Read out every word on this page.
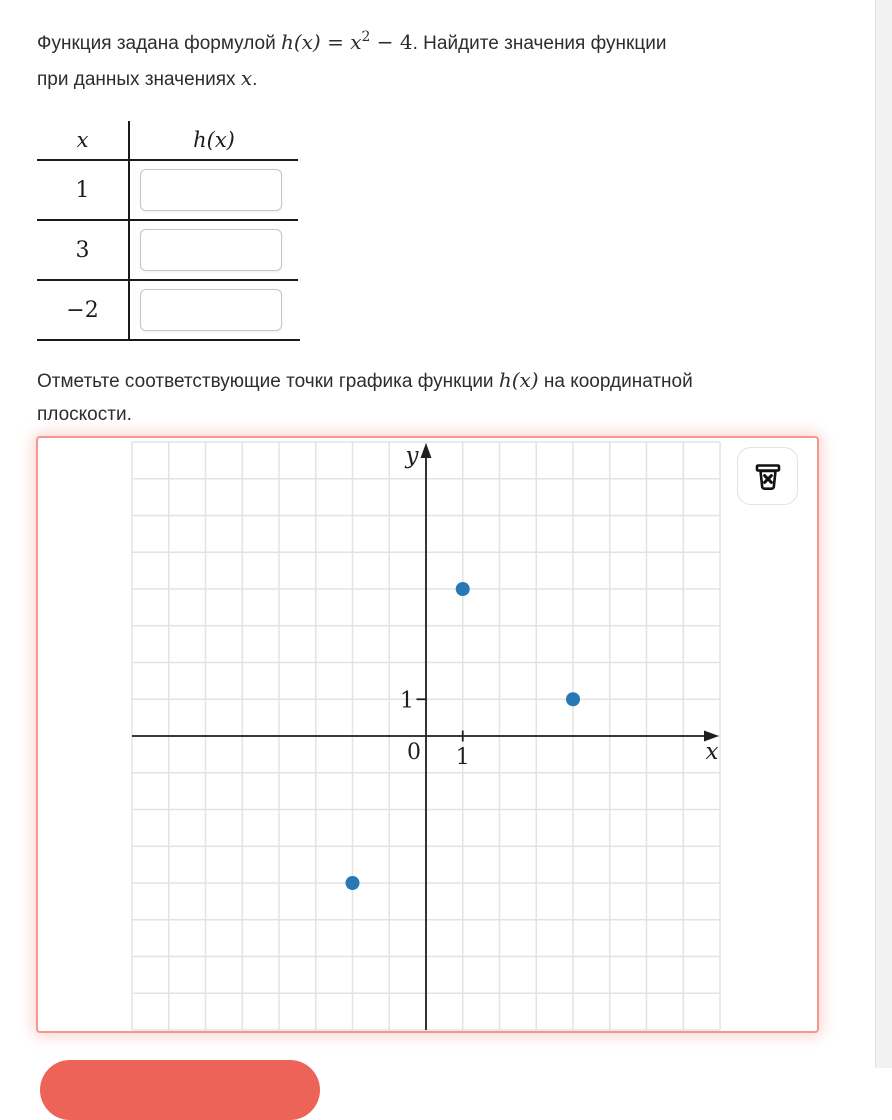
Функция задана формулой $h(x) = x^2 - 4$. Найдите значения функции
при данных значениях x.
x	h(x)
1
3
−2
Отметьте соответствующие точки графика функции h(x) на координатной
плоскости.
y
x
0 1
1
